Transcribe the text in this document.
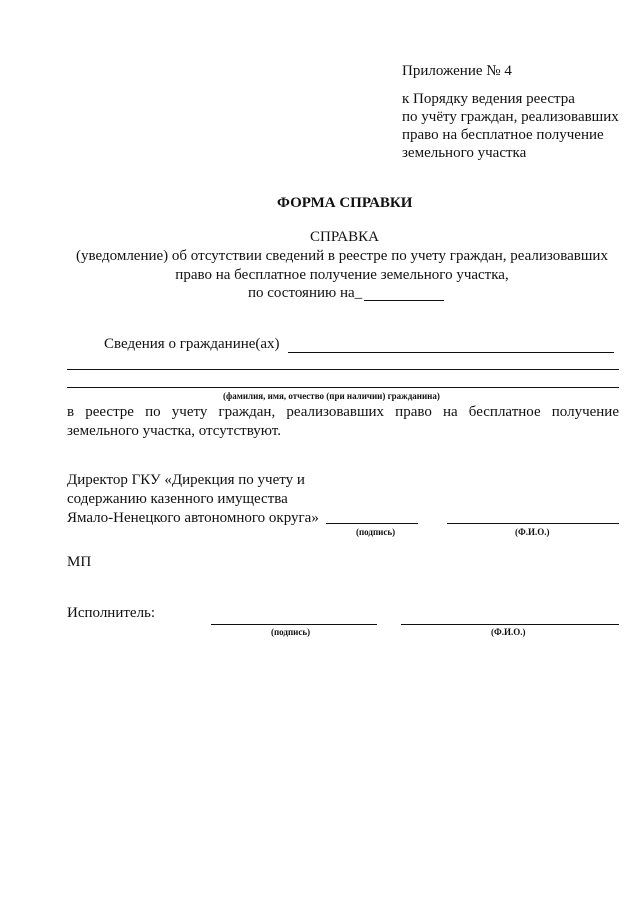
Приложение № 4
к Порядку ведения реестра
по учёту граждан, реализовавших
право на бесплатное получение
земельного участка
ФОРМА СПРАВКИ
СПРАВКА
(уведомление) об отсутствии сведений в реестре по учету граждан, реализовавших
право на бесплатное получение земельного участка,
по состоянию на_
Сведения о гражданине(ах)
(фамилия, имя, отчество (при наличии) гражданина)
в реестре по учету граждан, реализовавших право на бесплатное получение земельного участка, отсутствуют.
Директор ГКУ «Дирекция по учету и
содержанию казенного имущества
Ямало-Ненецкого автономного округа»
(подпись)	(Ф.И.О.)
МП
Исполнитель:
(подпись)	(Ф.И.О.)
